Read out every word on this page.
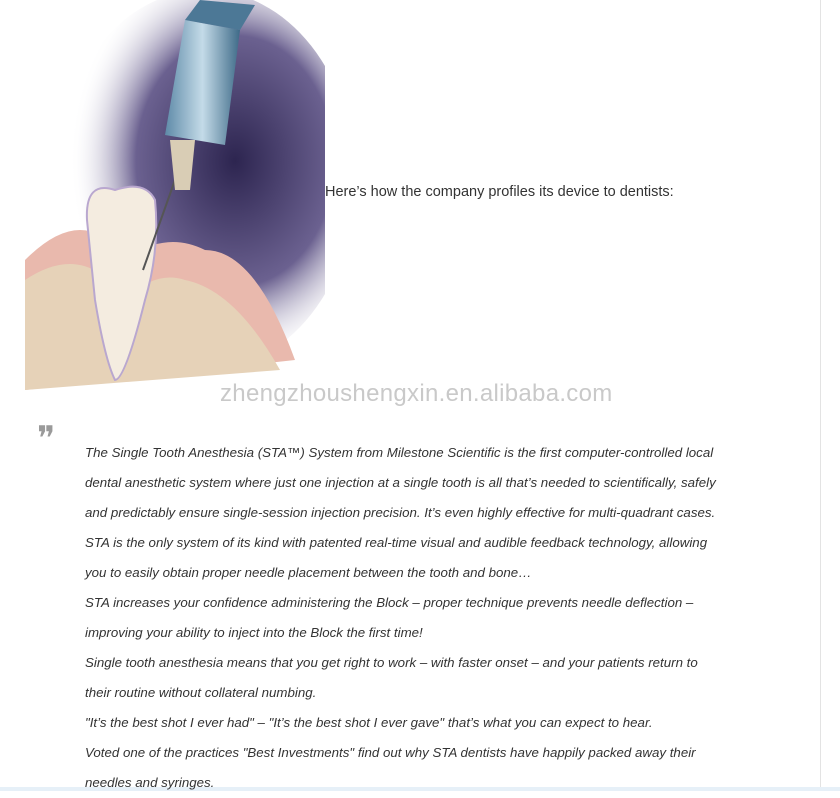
Here’s how the company profiles its device to dentists:
zhengzhoushengxin.en.alibaba.com
❞ The Single Tooth Anesthesia (STA™) System from Milestone Scientific is the first computer-controlled local

dental anesthetic system where just one injection at a single tooth is all that’s needed to scientifically, safely

and predictably ensure single-session injection precision. It’s even highly effective for multi-quadrant cases.

STA is the only system of its kind with patented real-time visual and audible feedback technology, allowing

you to easily obtain proper needle placement between the tooth and bone…

STA increases your confidence administering the Block – proper technique prevents needle deflection –

improving your ability to inject into the Block the first time!

Single tooth anesthesia means that you get right to work – with faster onset – and your patients return to

their routine without collateral numbing.

"It’s the best shot I ever had" – "It’s the best shot I ever gave" that’s what you can expect to hear.

Voted one of the practices "Best Investments" find out why STA dentists have happily packed away their

needles and syringes.
